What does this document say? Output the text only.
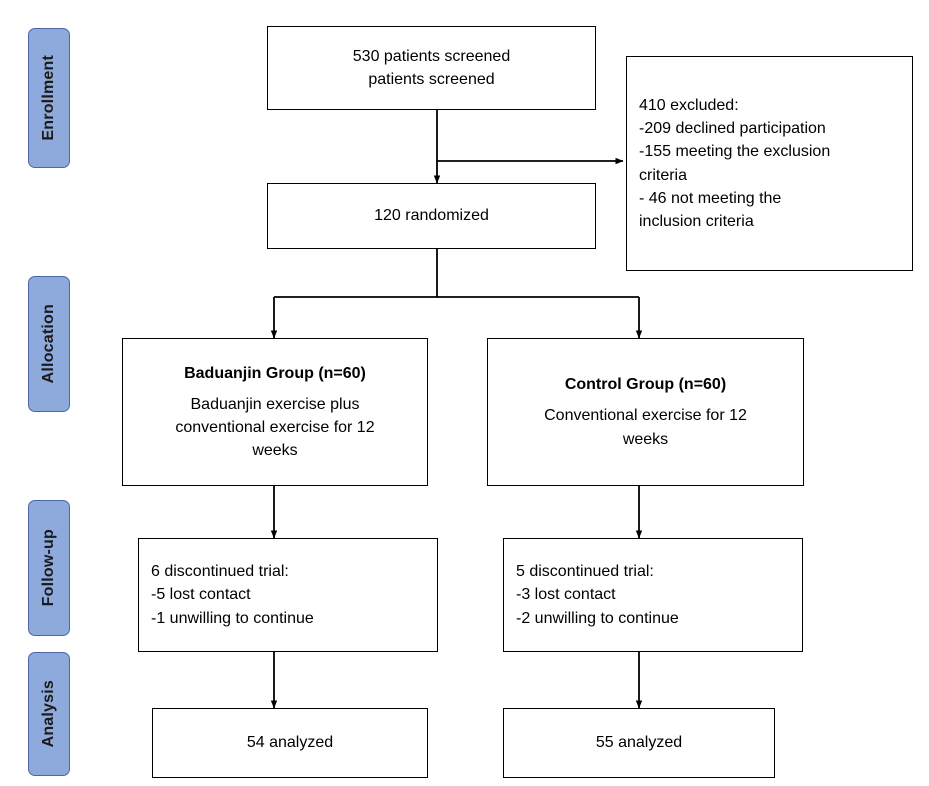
Enrollment
Allocation
Follow-up
Analysis
530 patients screened
patients screened
410 excluded:
-209 declined participation
-155 meeting the exclusion
criteria
- 46 not meeting the
inclusion criteria
120 randomized
Baduanjin Group (n=60)
Baduanjin exercise plus
conventional exercise for 12
weeks
Control Group (n=60)
Conventional exercise for 12
weeks
6 discontinued trial:
-5 lost contact
-1 unwilling to continue
5 discontinued trial:
-3 lost contact
-2 unwilling to continue
54 analyzed	55 analyzed
